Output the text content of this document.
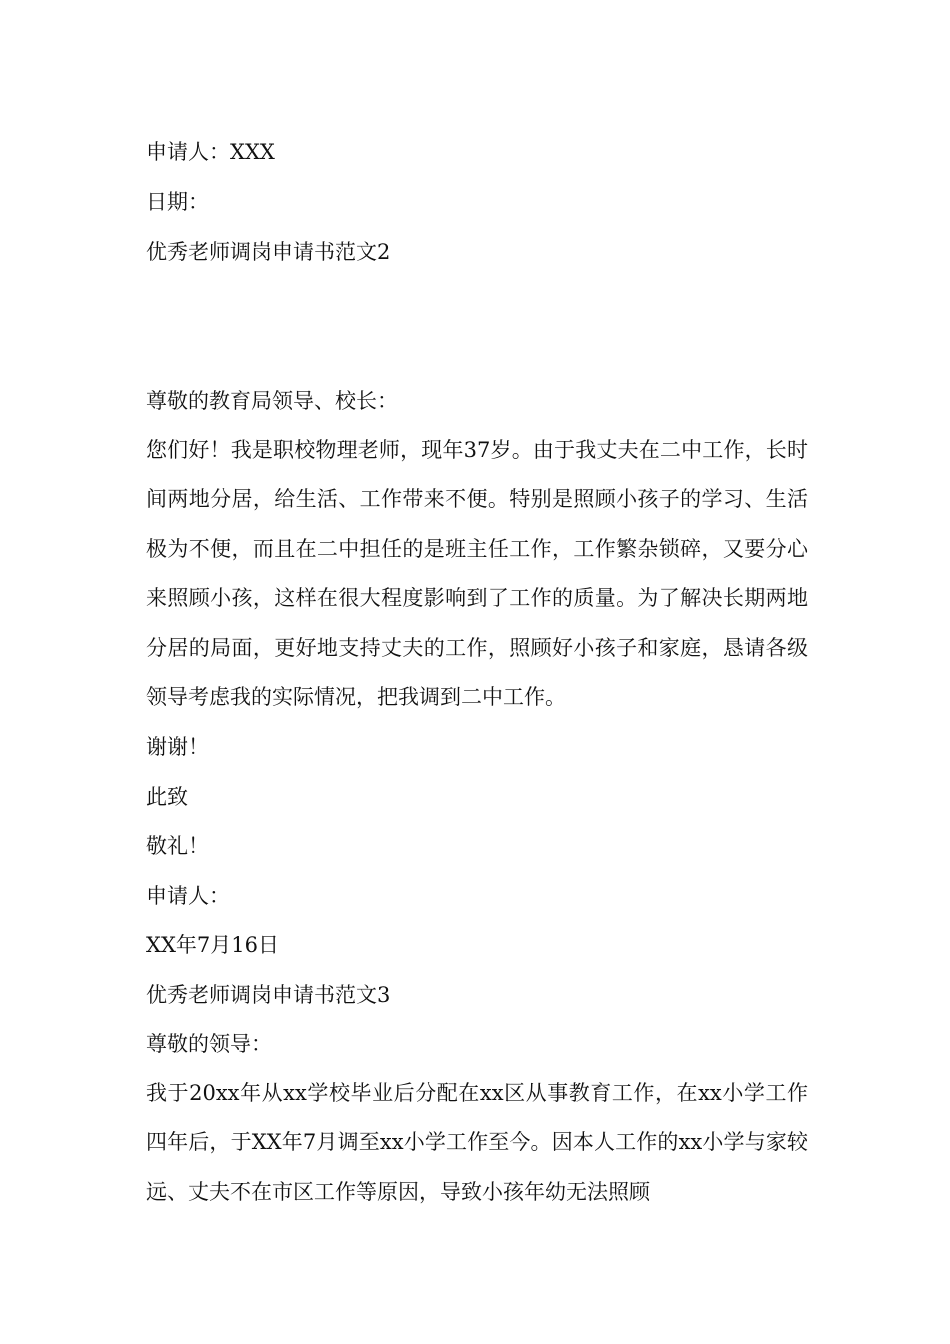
申请人：XXX
日期：
优秀老师调岗申请书范文2
尊敬的教育局领导、校长：
您们好！我是职校物理老师，现年37岁。由于我丈夫在二中工作，长时间两地分居，给生活、工作带来不便。特别是照顾小孩子的学习、生活极为不便，而且在二中担任的是班主任工作，工作繁杂锁碎，又要分心来照顾小孩，这样在很大程度影响到了工作的质量。为了解决长期两地分居的局面，更好地支持丈夫的工作，照顾好小孩子和家庭，恳请各级领导考虑我的实际情况，把我调到二中工作。
谢谢！
此致
敬礼！
申请人：
XX年7月16日
优秀老师调岗申请书范文3
尊敬的领导：
我于20xx年从xx学校毕业后分配在xx区从事教育工作，在xx小学工作四年后，于XX年7月调至xx小学工作至今。因本人工作的xx小学与家较远、丈夫不在市区工作等原因，导致小孩年幼无法照顾
